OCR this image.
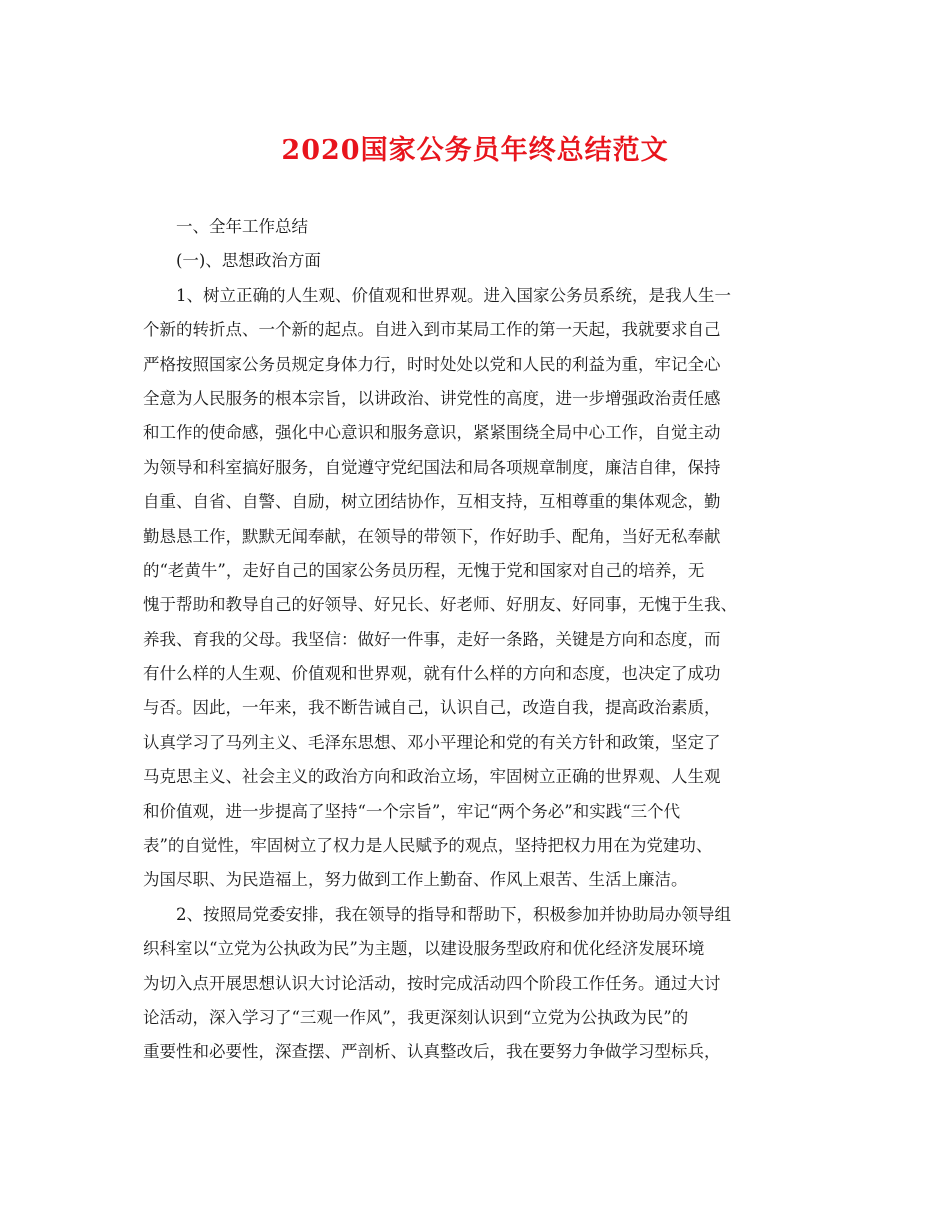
2020国家公务员年终总结范文
一、全年工作总结
(一)、思想政治方面
1、树立正确的人生观、价值观和世界观。进入国家公务员系统，是我人生一
个新的转折点、一个新的起点。自进入到市某局工作的第一天起，我就要求自己
严格按照国家公务员规定身体力行，时时处处以党和人民的利益为重，牢记全心
全意为人民服务的根本宗旨，以讲政治、讲党性的高度，进一步增强政治责任感
和工作的使命感，强化中心意识和服务意识，紧紧围绕全局中心工作，自觉主动
为领导和科室搞好服务，自觉遵守党纪国法和局各项规章制度，廉洁自律，保持
自重、自省、自警、自励，树立团结协作，互相支持，互相尊重的集体观念，勤
勤恳恳工作，默默无闻奉献，在领导的带领下，作好助手、配角，当好无私奉献
的“老黄牛”，走好自己的国家公务员历程，无愧于党和国家对自己的培养，无
愧于帮助和教导自己的好领导、好兄长、好老师、好朋友、好同事，无愧于生我、
养我、育我的父母。我坚信：做好一件事，走好一条路，关键是方向和态度，而
有什么样的人生观、价值观和世界观，就有什么样的方向和态度，也决定了成功
与否。因此，一年来，我不断告诫自己，认识自己，改造自我，提高政治素质，
认真学习了马列主义、毛泽东思想、邓小平理论和党的有关方针和政策，坚定了
马克思主义、社会主义的政治方向和政治立场，牢固树立正确的世界观、人生观
和价值观，进一步提高了坚持“一个宗旨”，牢记“两个务必”和实践“三个代
表”的自觉性，牢固树立了权力是人民赋予的观点，坚持把权力用在为党建功、
为国尽职、为民造福上，努力做到工作上勤奋、作风上艰苦、生活上廉洁。
2、按照局党委安排，我在领导的指导和帮助下，积极参加并协助局办领导组
织科室以“立党为公执政为民”为主题，以建设服务型政府和优化经济发展环境
为切入点开展思想认识大讨论活动，按时完成活动四个阶段工作任务。通过大讨
论活动，深入学习了“三观一作风”，我更深刻认识到“立党为公执政为民”的
重要性和必要性，深查摆、严剖析、认真整改后，我在要努力争做学习型标兵，
